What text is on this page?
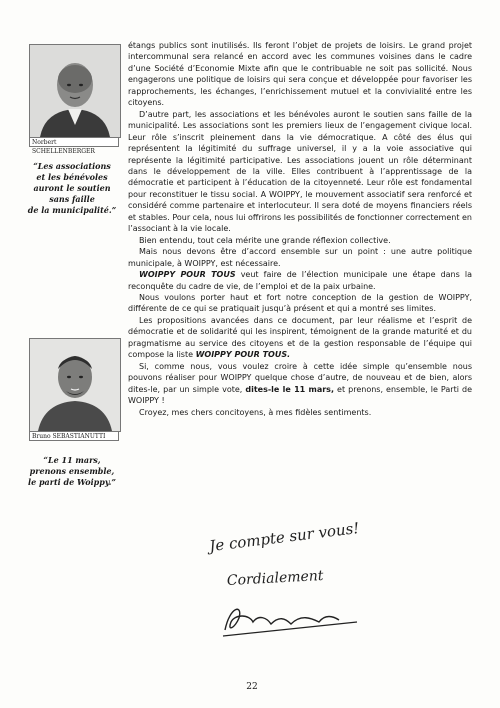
Norbert SCHELLENBERGER
“Les associations
et les bénévoles
auront le soutien
sans faille
de la municipalité.”
Bruno SEBASTIANUTTI
“Le 11 mars,
prenons ensemble,
le parti de Woippy.”

étangs publics sont inutilisés. Ils feront l’objet de projets de loisirs. Le grand projet intercommunal sera relancé en accord avec les communes voisines dans le cadre d’une Société d’Economie Mixte afin que le contribuable ne soit pas sollicité. Nous engagerons une politique de loisirs qui sera conçue et développée pour favoriser les rapprochements, les échanges, l’enrichissement mutuel et la convivialité entre les citoyens.

D’autre part, les associations et les bénévoles auront le soutien sans faille de la municipalité. Les associations sont les premiers lieux de l’engagement civique local. Leur rôle s’inscrit pleinement dans la vie démocratique. A côté des élus qui représentent la légitimité du suffrage universel, il y a la voie associative qui représente la légitimité participative. Les associations jouent un rôle déterminant dans le développement de la ville. Elles contribuent à l’apprentissage de la démocratie et participent à l’éducation de la citoyenneté. Leur rôle est fondamental pour reconstituer le tissu social. A WOIPPY, le mouvement associatif sera renforcé et considéré comme partenaire et interlocuteur. Il sera doté de moyens financiers réels et stables. Pour cela, nous lui offrirons les possibilités de fonctionner correctement en l’associant à la vie locale.

Bien entendu, tout cela mérite une grande réflexion collective.

Mais nous devons être d’accord ensemble sur un point : une autre politique municipale, à WOIPPY, est nécessaire.

WOIPPY POUR TOUS veut faire de l’élection municipale une étape dans la reconquête du cadre de vie, de l’emploi et de la paix urbaine.

Nous voulons porter haut et fort notre conception de la gestion de WOIPPY, différente de ce qui se pratiquait jusqu’à présent et qui a montré ses limites.

Les propositions avancées dans ce document, par leur réalisme et l’esprit de démocratie et de solidarité qui les inspirent, témoignent de la grande maturité et du pragmatisme au service des citoyens et de la gestion responsable de l’équipe qui compose la liste WOIPPY POUR TOUS.

Si, comme nous, vous voulez croire à cette idée simple qu’ensemble nous pouvons réaliser pour WOIPPY quelque chose d’autre, de nouveau et de bien, alors dites-le, par un simple vote, dites-le le 11 mars, et prenons, ensemble, le Parti de WOIPPY !

Croyez, mes chers concitoyens, à mes fidèles sentiments.

Je compte sur vous!
Cordialement
22
